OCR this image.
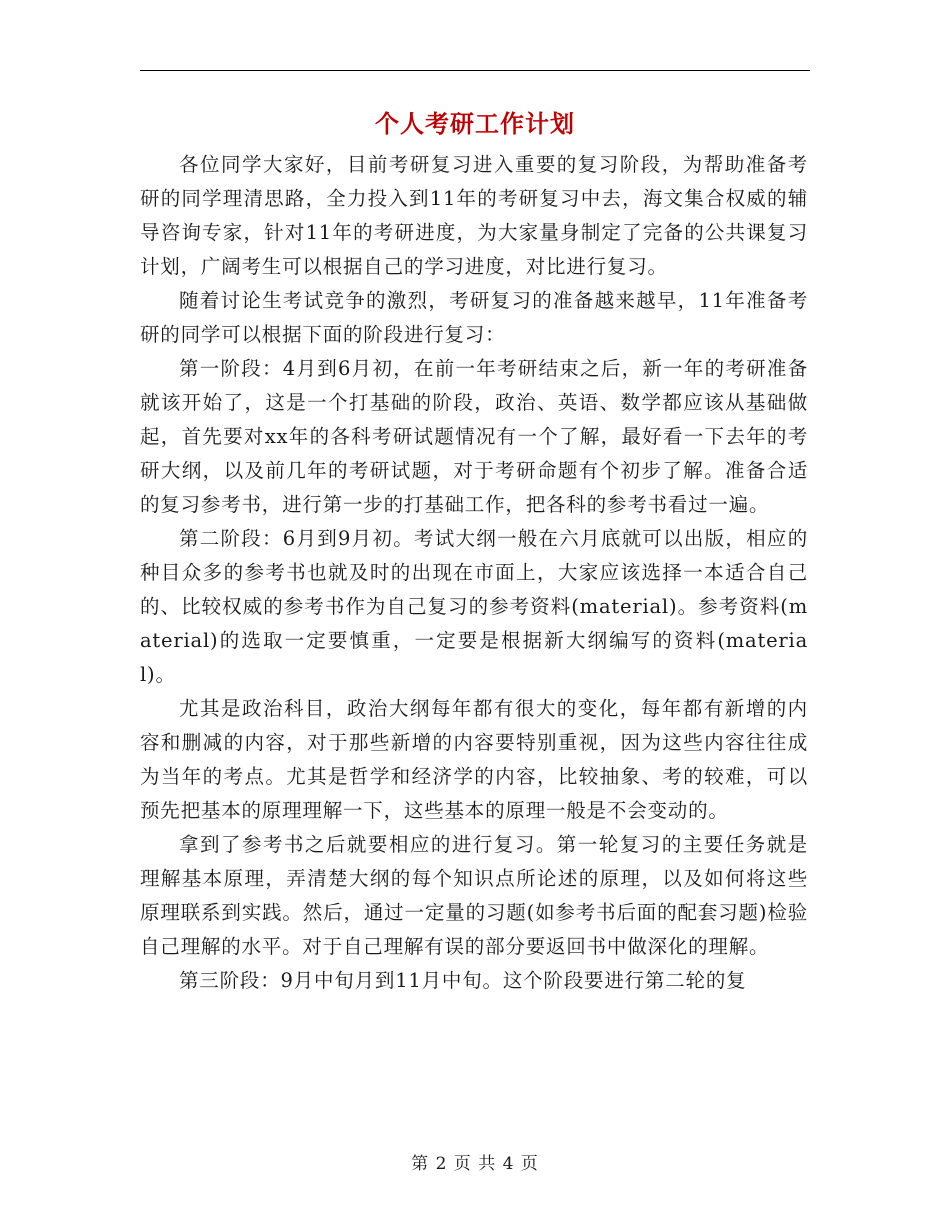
个人考研工作计划

各位同学大家好，目前考研复习进入重要的复习阶段，为帮助准备考研的同学理清思路，全力投入到11年的考研复习中去，海文集合权威的辅导咨询专家，针对11年的考研进度，为大家量身制定了完备的公共课复习计划，广阔考生可以根据自己的学习进度，对比进行复习。

随着讨论生考试竞争的激烈，考研复习的准备越来越早，11年准备考研的同学可以根据下面的阶段进行复习：

第一阶段：4月到6月初，在前一年考研结束之后，新一年的考研准备就该开始了，这是一个打基础的阶段，政治、英语、数学都应该从基础做起，首先要对xx年的各科考研试题情况有一个了解，最好看一下去年的考研大纲，以及前几年的考研试题，对于考研命题有个初步了解。准备合适的复习参考书，进行第一步的打基础工作，把各科的参考书看过一遍。

第二阶段：6月到9月初。考试大纲一般在六月底就可以出版，相应的种目众多的参考书也就及时的出现在市面上，大家应该选择一本适合自己的、比较权威的参考书作为自己复习的参考资料(material)。参考资料(material)的选取一定要慎重，一定要是根据新大纲编写的资料(material)。

尤其是政治科目，政治大纲每年都有很大的变化，每年都有新增的内容和删减的内容，对于那些新增的内容要特别重视，因为这些内容往往成为当年的考点。尤其是哲学和经济学的内容，比较抽象、考的较难，可以预先把基本的原理理解一下，这些基本的原理一般是不会变动的。

拿到了参考书之后就要相应的进行复习。第一轮复习的主要任务就是理解基本原理，弄清楚大纲的每个知识点所论述的原理，以及如何将这些原理联系到实践。然后，通过一定量的习题(如参考书后面的配套习题)检验自己理解的水平。对于自己理解有误的部分要返回书中做深化的理解。

第三阶段：9月中旬月到11月中旬。这个阶段要进行第二轮的复

第 2 页 共 4 页
